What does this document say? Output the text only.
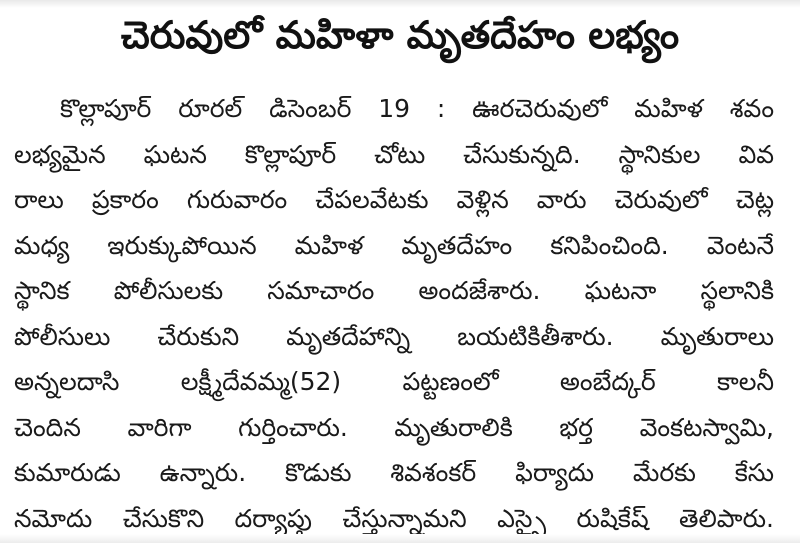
చెరువులో మహిళా మృతదేహం లభ్యం
కొల్లాపూర్ రూరల్ డిసెంబర్ 19 : ఊరచెరువులో మహిళ శవం
లభ్యమైన ఘటన కొల్లాపూర్ చోటు చేసుకున్నది. స్థానికుల వివ
రాలు ప్రకారం గురువారం చేపలవేటకు వెళ్లిన వారు చెరువులో చెట్ల
మధ్య ఇరుక్కుపోయిన మహిళ మృతదేహం కనిపించింది. వెంటనే
స్థానిక పోలీసులకు సమాచారం అందజేశారు. ఘటనా స్థలానికి
పోలీసులు చేరుకుని మృతదేహాన్ని బయటికితీశారు. మృతురాలు
అన్నలదాసి లక్ష్మీదేవమ్మ(52) పట్టణంలో అంబేద్కర్ కాలనీ
చెందిన వారిగా గుర్తించారు. మృతురాలికి భర్త వెంకటస్వామి,
కుమారుడు ఉన్నారు. కొడుకు శివశంకర్ ఫిర్యాదు మేరకు కేసు
నమోదు చేసుకొని దర్యాప్తు చేస్తున్నామని ఎస్సై రుషికేష్ తెలిపారు.
